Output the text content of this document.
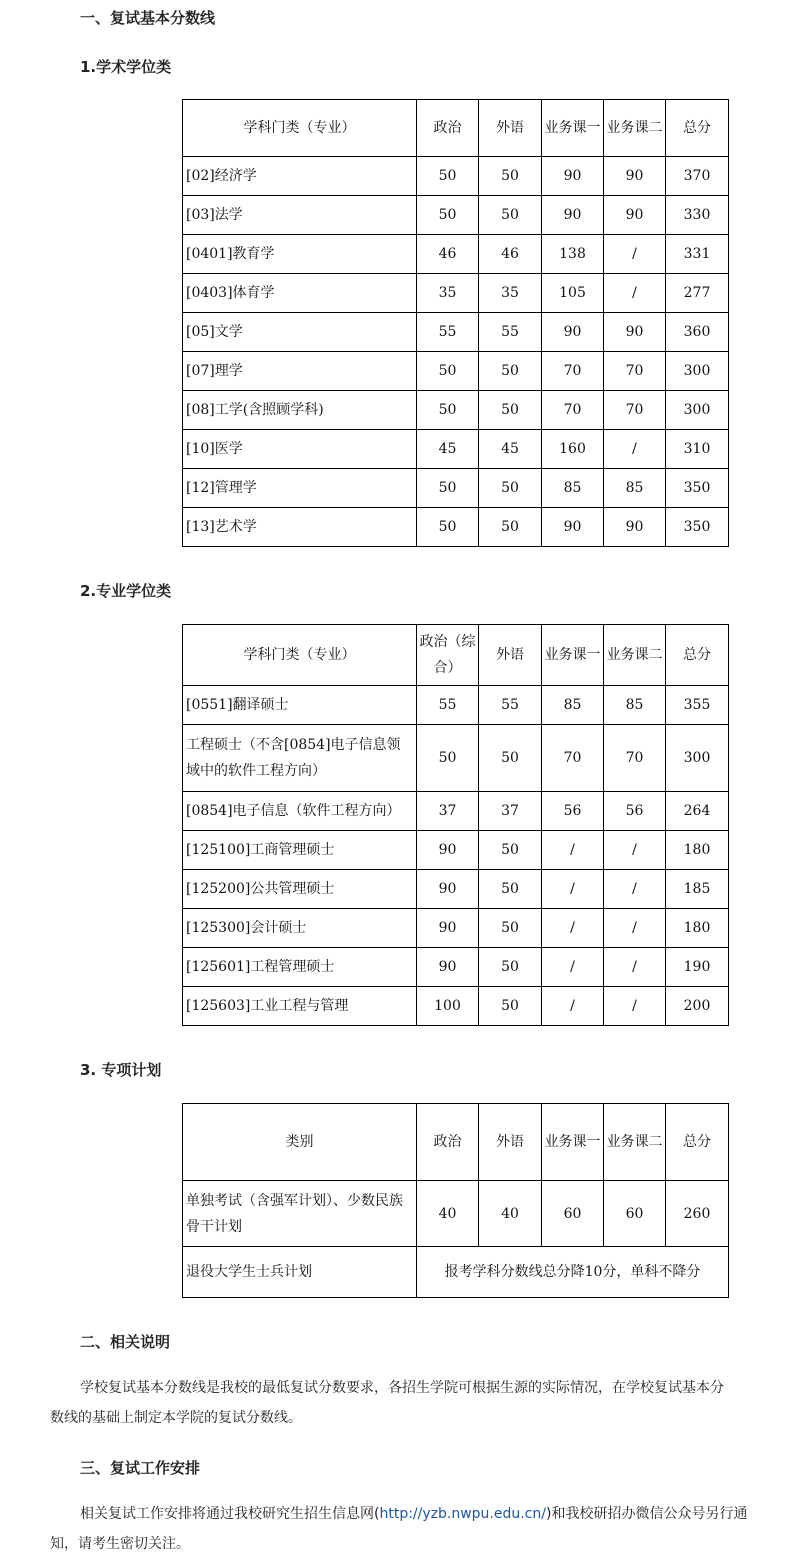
一、复试基本分数线
1.学术学位类
学科门类（专业）	政治	外语	业务课一	业务课二	总分
[02]经济学	50	50	90	90	370
[03]法学	50	50	90	90	330
[0401]教育学	46	46	138	/	331
[0403]体育学	35	35	105	/	277
[05]文学	55	55	90	90	360
[07]理学	50	50	70	70	300
[08]工学(含照顾学科)	50	50	70	70	300
[10]医学	45	45	160	/	310
[12]管理学	50	50	85	85	350
[13]艺术学	50	50	90	90	350
2.专业学位类
学科门类（专业）	政治（综合）	外语	业务课一	业务课二	总分
[0551]翻译硕士	55	55	85	85	355
工程硕士（不含[0854]电子信息领域中的软件工程方向）	50	50	70	70	300
[0854]电子信息（软件工程方向）	37	37	56	56	264
[125100]工商管理硕士	90	50	/	/	180
[125200]公共管理硕士	90	50	/	/	185
[125300]会计硕士	90	50	/	/	180
[125601]工程管理硕士	90	50	/	/	190
[125603]工业工程与管理	100	50	/	/	200
3. 专项计划
类别	政治	外语	业务课一	业务课二	总分
单独考试（含强军计划）、少数民族骨干计划	40	40	60	60	260
退役大学生士兵计划	报考学科分数线总分降10分，单科不降分				
二、相关说明
学校复试基本分数线是我校的最低复试分数要求，各招生学院可根据生源的实际情况，在学校复试基本分
数线的基础上制定本学院的复试分数线。
三、复试工作安排
相关复试工作安排将通过我校研究生招生信息网(http://yzb.nwpu.edu.cn/)和我校研招办微信公众号另行通
知，请考生密切关注。
